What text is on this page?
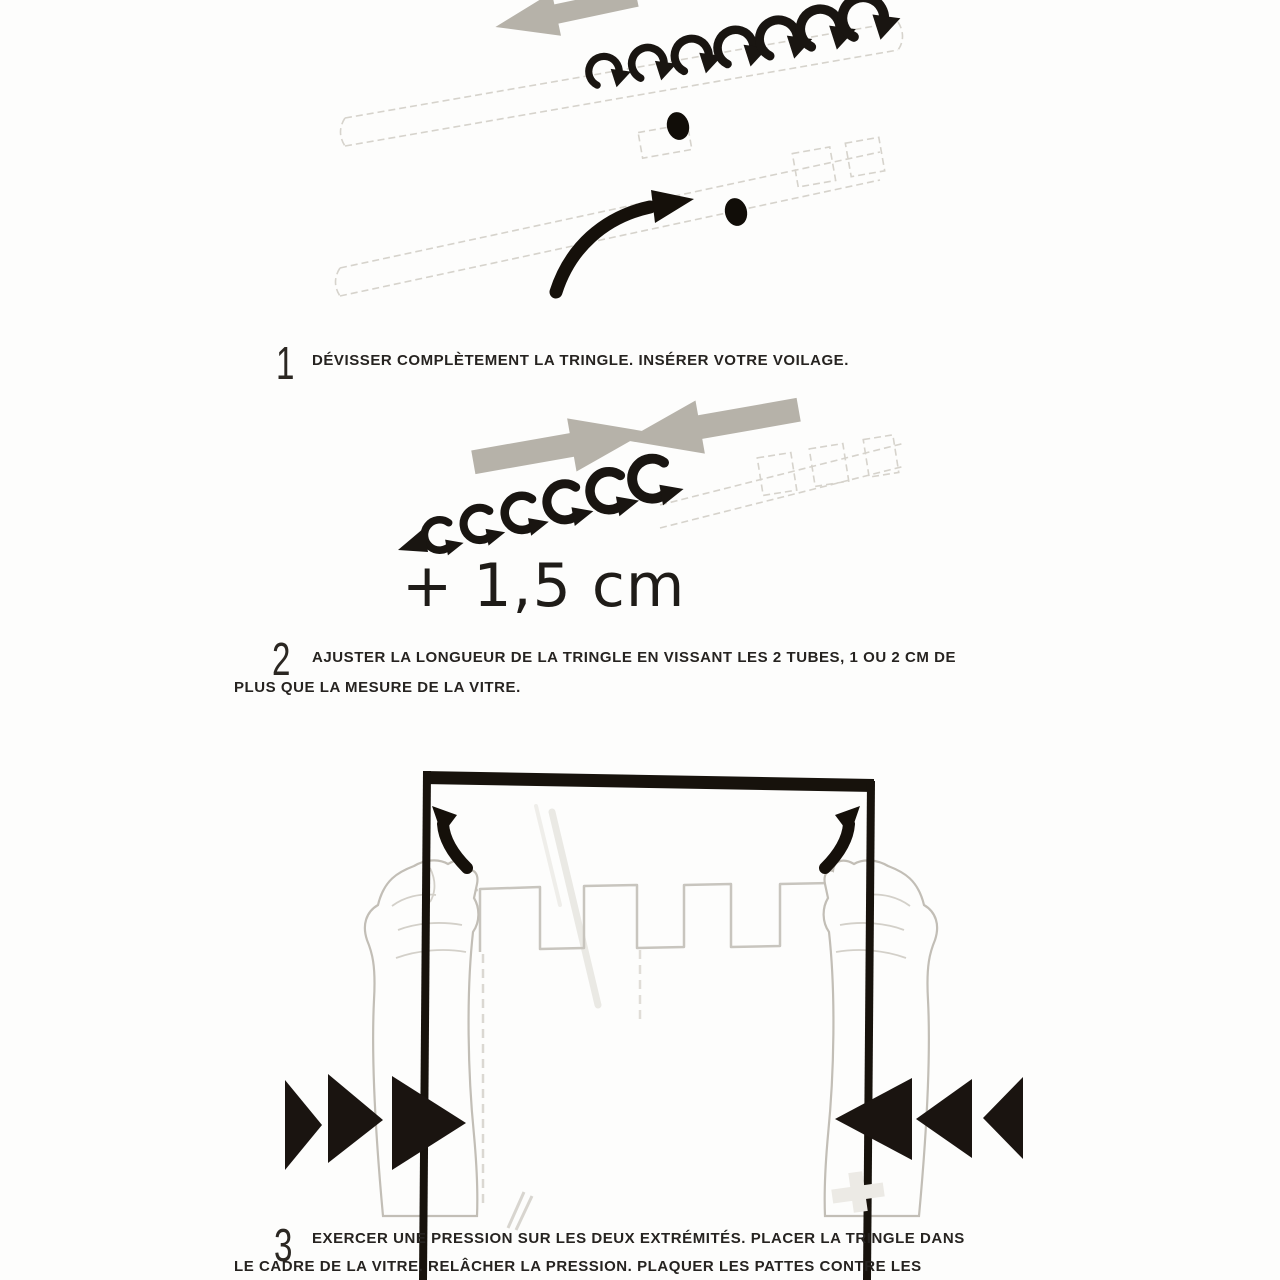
1 DÉVISSER COMPLÈTEMENT LA TRINGLE. INSÉRER VOTRE VOILAGE.
+ 1,5 cm
2 AJUSTER LA LONGUEUR DE LA TRINGLE EN VISSANT LES 2 TUBES, 1 OU 2 CM DE
PLUS QUE LA MESURE DE LA VITRE.
3 EXERCER UNE PRESSION SUR LES DEUX EXTRÉMITÉS. PLACER LA TRINGLE DANS
LE CADRE DE LA VITRE. RELÂCHER LA PRESSION. PLAQUER LES PATTES CONTRE LES
